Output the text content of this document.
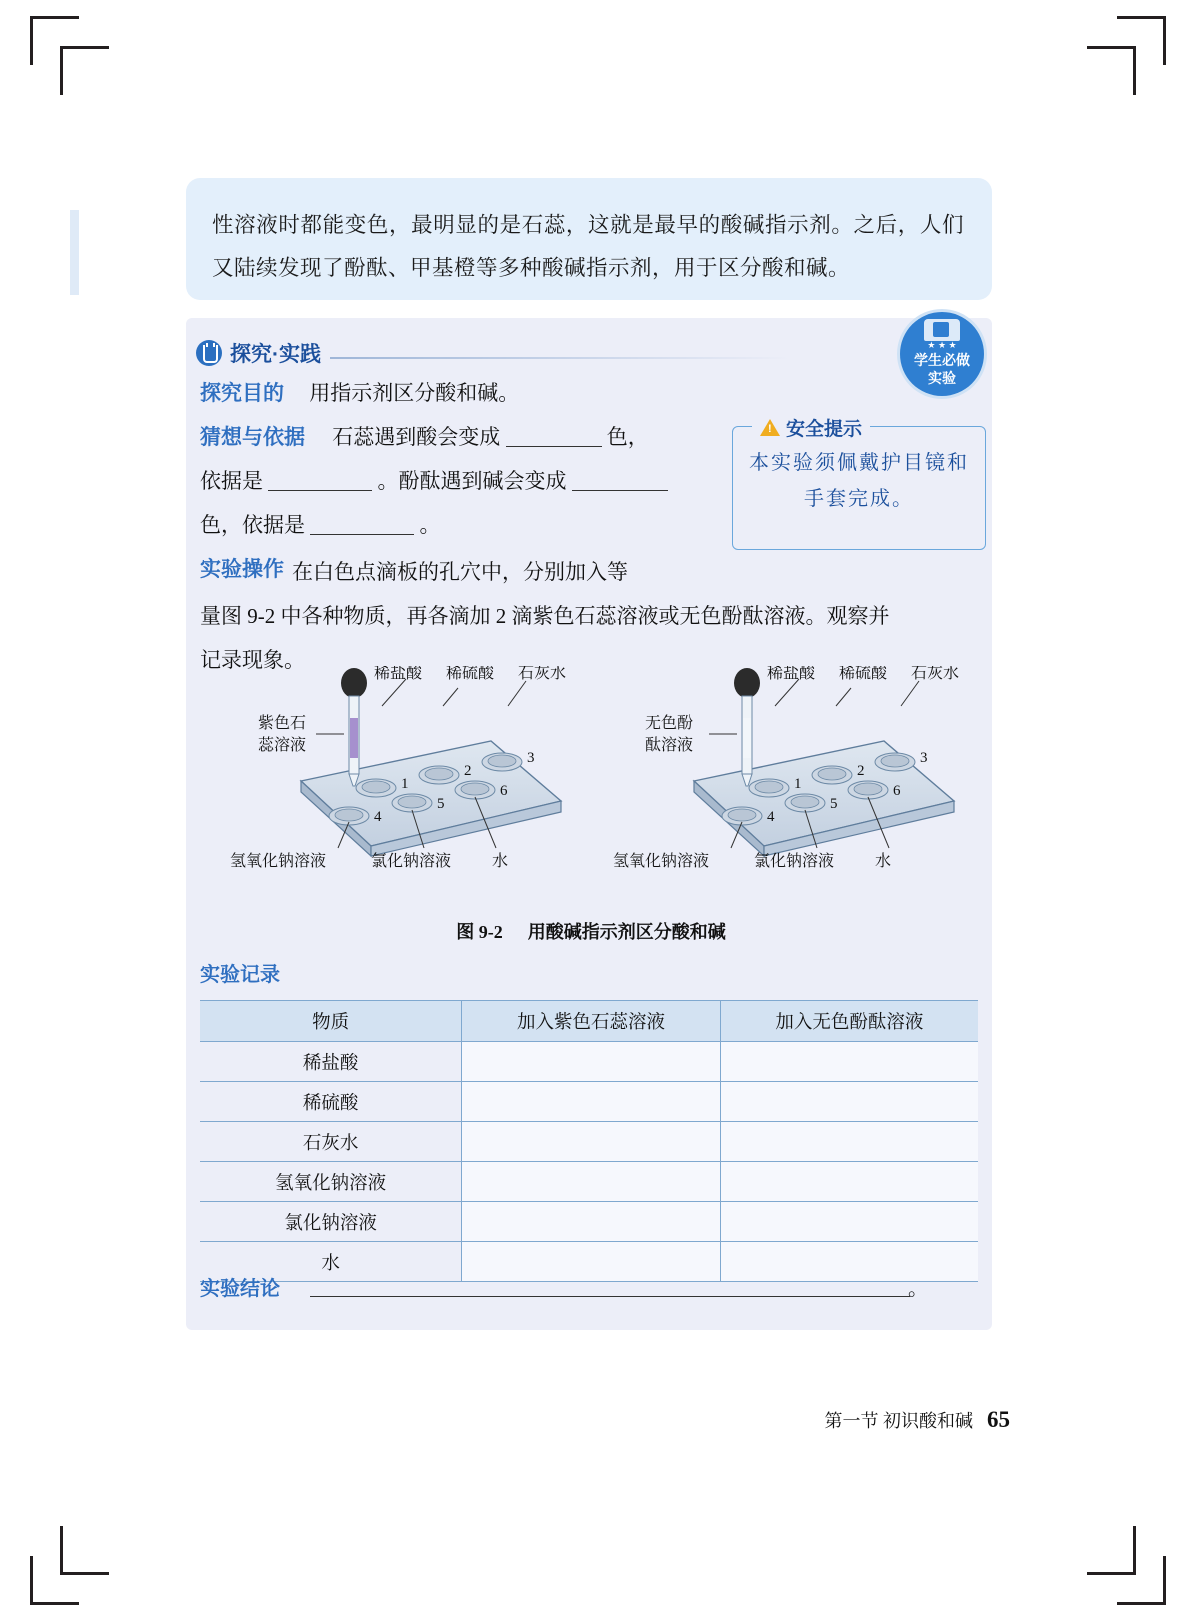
性溶液时都能变色，最明显的是石蕊，这就是最早的酸碱指示剂。之后，人们又陆续发现了酚酞、甲基橙等多种酸碱指示剂，用于区分酸和碱。

探究·实践	★ ★ ★
学生必做
实验
探究目的 用指示剂区分酸和碱。
猜想与依据 石蕊遇到酸会变成	色，
依据是	。酚酞遇到碱会变成
色，依据是	。

本实验须佩戴护目镜和手套完成。

!
安全提示
实验操作 在白色点滴板的孔穴中，分别加入等
量图 9-2 中各种物质，再各滴加 2 滴紫色石蕊溶液或无色酚酞溶液。观察并
记录现象。
1
2
3
4
5
6
稀盐酸 稀硫酸 石灰水
紫色石
蕊溶液
氢氧化钠溶液	氯化钠溶液	水
1
2
3
4
5
6
稀盐酸 稀硫酸 石灰水
无色酚
酞溶液
氢氧化钠溶液	氯化钠溶液	水
图 9-2 用酸碱指示剂区分酸和碱
实验记录
物质	加入紫色石蕊溶液	加入无色酚酞溶液
稀盐酸		
稀硫酸		
石灰水		
氢氧化钠溶液		
氯化钠溶液		
水		
实验结论	。
第一节 初识酸和碱 65
